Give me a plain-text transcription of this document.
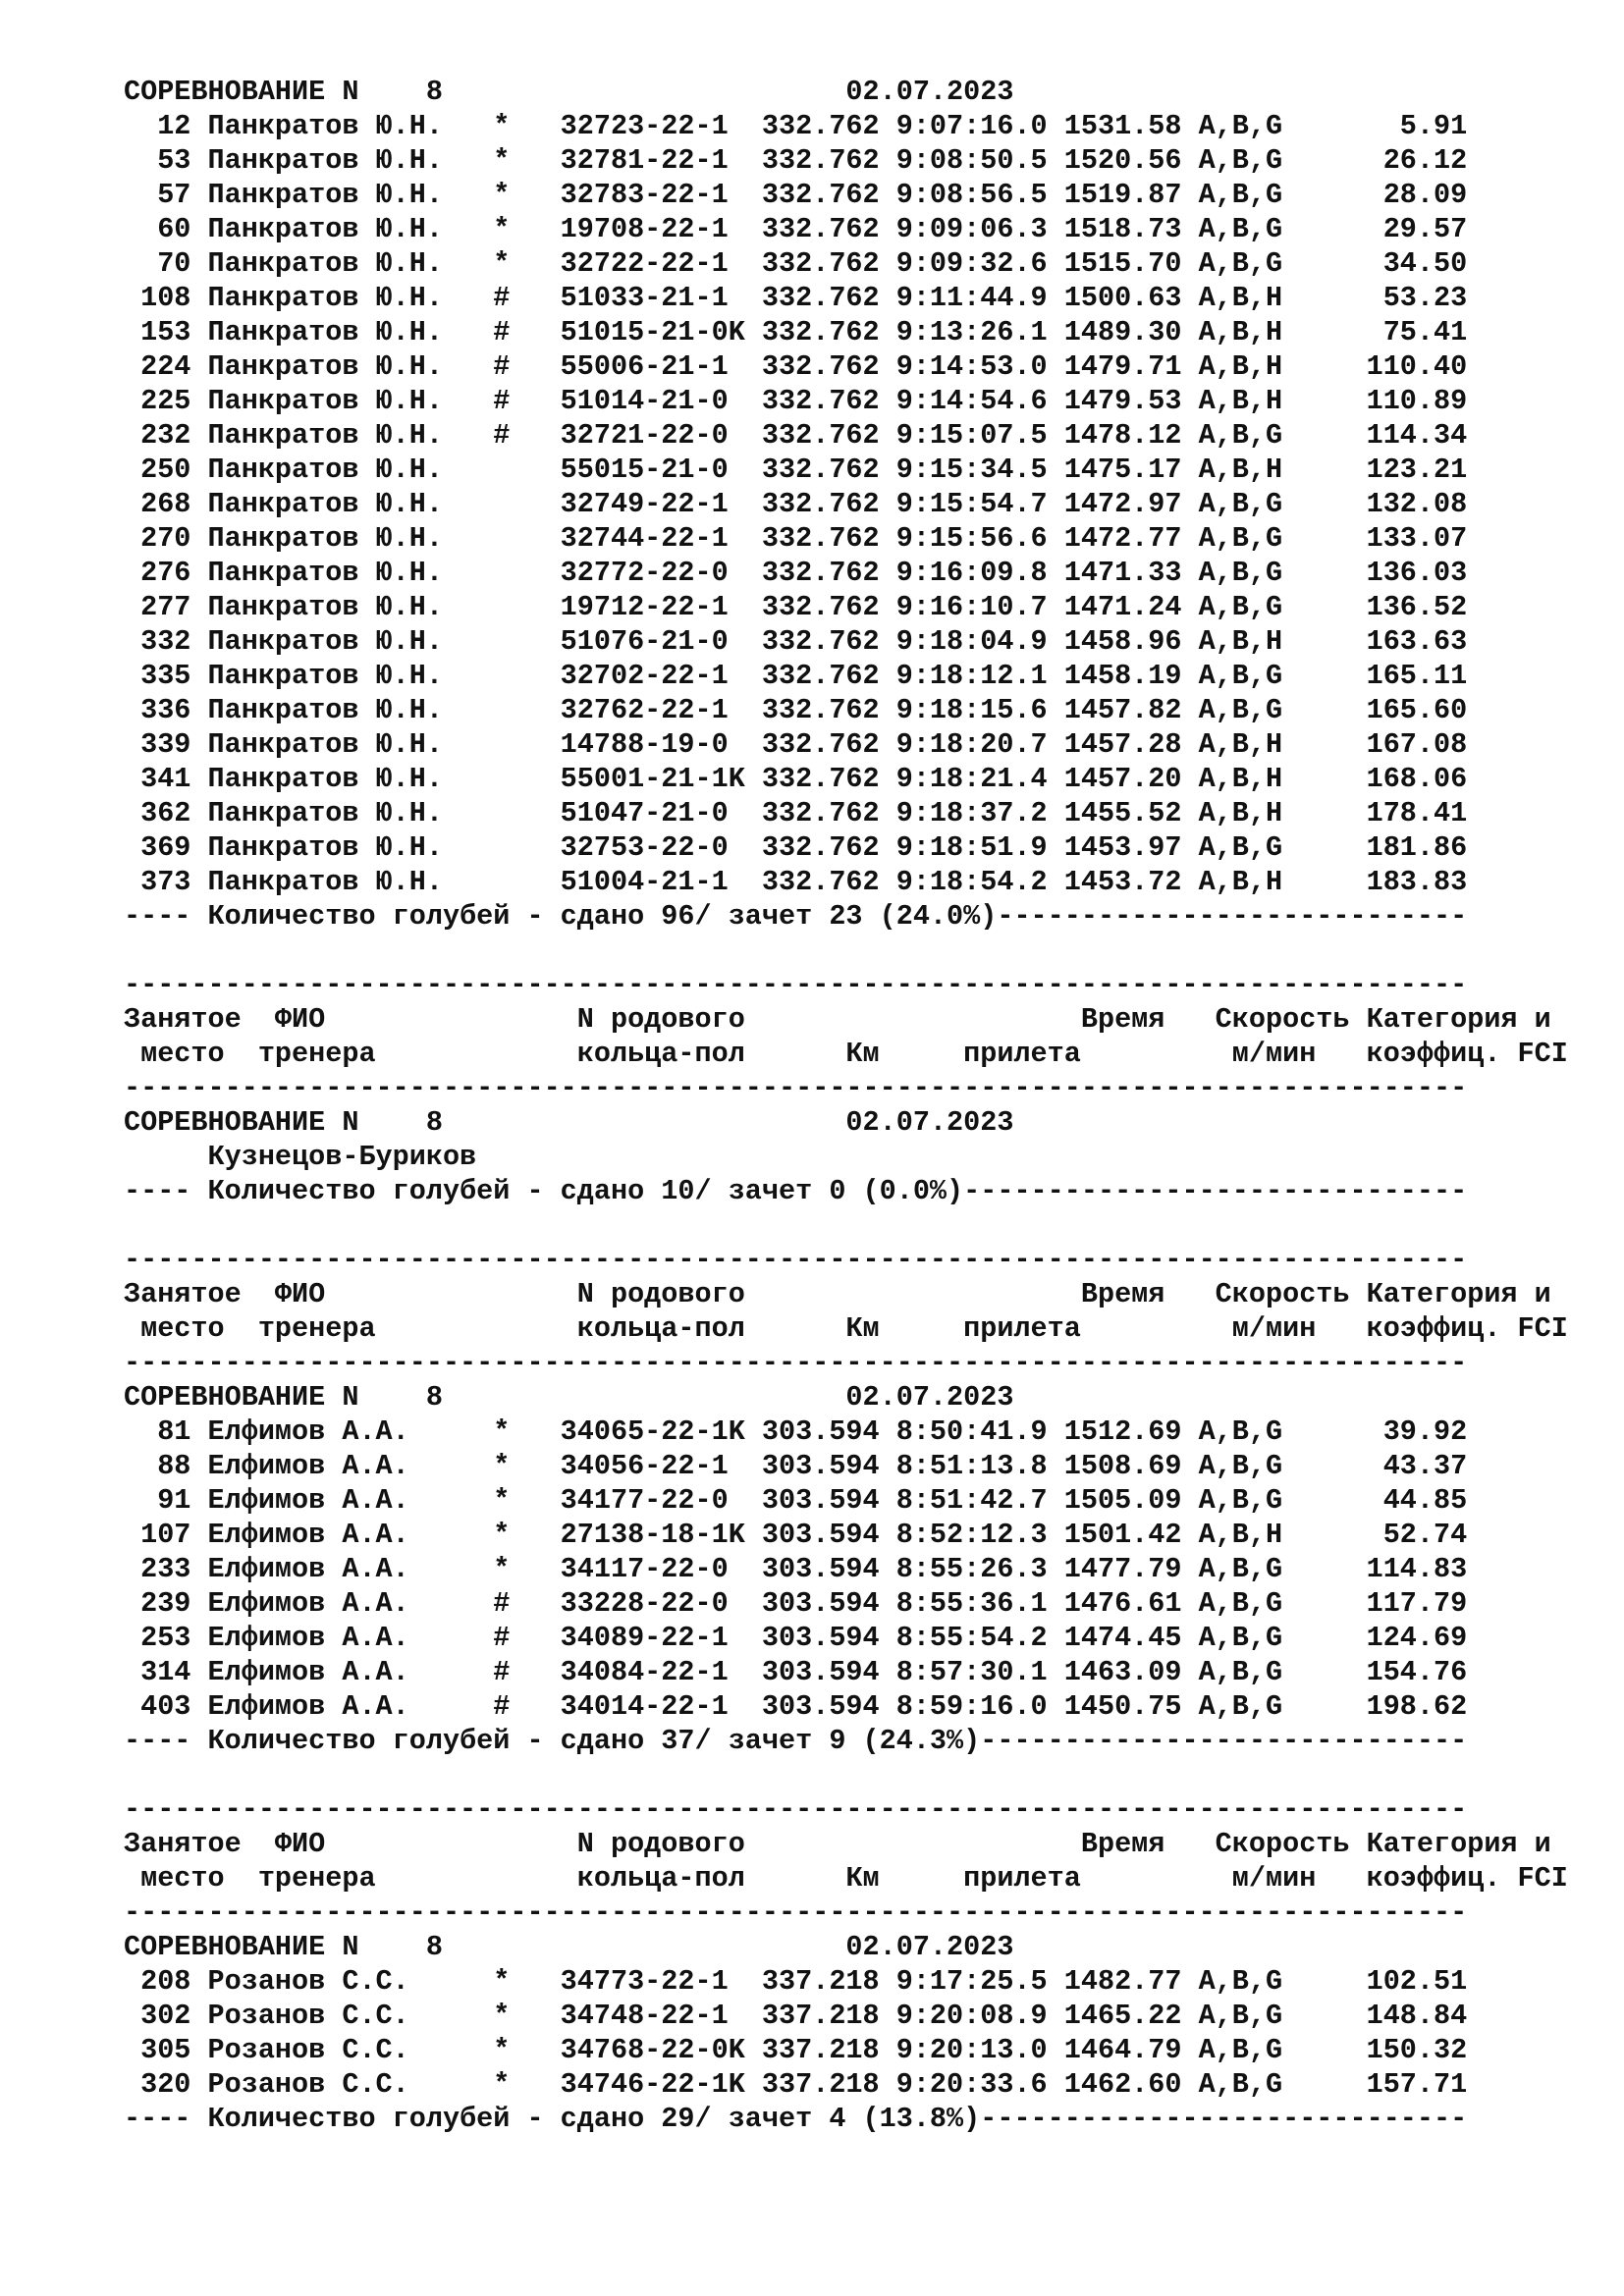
СОРЕВНОВАНИЕ N    8                        02.07.2023
12 Панкратов Ю.Н.   *   32723-22-1  332.762 9:07:16.0 1531.58 A,B,G       5.91
53 Панкратов Ю.Н.   *   32781-22-1  332.762 9:08:50.5 1520.56 A,B,G      26.12
57 Панкратов Ю.Н.   *   32783-22-1  332.762 9:08:56.5 1519.87 A,B,G      28.09
60 Панкратов Ю.Н.   *   19708-22-1  332.762 9:09:06.3 1518.73 A,B,G      29.57
70 Панкратов Ю.Н.   *   32722-22-1  332.762 9:09:32.6 1515.70 A,B,G      34.50
108 Панкратов Ю.Н.   #   51033-21-1  332.762 9:11:44.9 1500.63 A,B,H      53.23
153 Панкратов Ю.Н.   #   51015-21-0K 332.762 9:13:26.1 1489.30 A,B,H      75.41
224 Панкратов Ю.Н.   #   55006-21-1  332.762 9:14:53.0 1479.71 A,B,H     110.40
225 Панкратов Ю.Н.   #   51014-21-0  332.762 9:14:54.6 1479.53 A,B,H     110.89
232 Панкратов Ю.Н.   #   32721-22-0  332.762 9:15:07.5 1478.12 A,B,G     114.34
250 Панкратов Ю.Н.       55015-21-0  332.762 9:15:34.5 1475.17 A,B,H     123.21
268 Панкратов Ю.Н.       32749-22-1  332.762 9:15:54.7 1472.97 A,B,G     132.08
270 Панкратов Ю.Н.       32744-22-1  332.762 9:15:56.6 1472.77 A,B,G     133.07
276 Панкратов Ю.Н.       32772-22-0  332.762 9:16:09.8 1471.33 A,B,G     136.03
277 Панкратов Ю.Н.       19712-22-1  332.762 9:16:10.7 1471.24 A,B,G     136.52
332 Панкратов Ю.Н.       51076-21-0  332.762 9:18:04.9 1458.96 A,B,H     163.63
335 Панкратов Ю.Н.       32702-22-1  332.762 9:18:12.1 1458.19 A,B,G     165.11
336 Панкратов Ю.Н.       32762-22-1  332.762 9:18:15.6 1457.82 A,B,G     165.60
339 Панкратов Ю.Н.       14788-19-0  332.762 9:18:20.7 1457.28 A,B,H     167.08
341 Панкратов Ю.Н.       55001-21-1K 332.762 9:18:21.4 1457.20 A,B,H     168.06
362 Панкратов Ю.Н.       51047-21-0  332.762 9:18:37.2 1455.52 A,B,H     178.41
369 Панкратов Ю.Н.       32753-22-0  332.762 9:18:51.9 1453.97 A,B,G     181.86
373 Панкратов Ю.Н.       51004-21-1  332.762 9:18:54.2 1453.72 A,B,H     183.83
---- Количество голубей - сдано 96/ зачет 23 (24.0%)----------------------------
--------------------------------------------------------------------------------
Занятое  ФИО               N родового                    Время   Скорость Категория и
место  тренера            кольца-пол      Км     прилета         м/мин   коэффиц. FCI
--------------------------------------------------------------------------------
СОРЕВНОВАНИЕ N    8                        02.07.2023
Кузнецов-Буриков
---- Количество голубей - сдано 10/ зачет 0 (0.0%)------------------------------
--------------------------------------------------------------------------------
Занятое  ФИО               N родового                    Время   Скорость Категория и
место  тренера            кольца-пол      Км     прилета         м/мин   коэффиц. FCI
--------------------------------------------------------------------------------
СОРЕВНОВАНИЕ N    8                        02.07.2023
81 Елфимов А.А.     *   34065-22-1K 303.594 8:50:41.9 1512.69 A,B,G      39.92
88 Елфимов А.А.     *   34056-22-1  303.594 8:51:13.8 1508.69 A,B,G      43.37
91 Елфимов А.А.     *   34177-22-0  303.594 8:51:42.7 1505.09 A,B,G      44.85
107 Елфимов А.А.     *   27138-18-1K 303.594 8:52:12.3 1501.42 A,B,H      52.74
233 Елфимов А.А.     *   34117-22-0  303.594 8:55:26.3 1477.79 A,B,G     114.83
239 Елфимов А.А.     #   33228-22-0  303.594 8:55:36.1 1476.61 A,B,G     117.79
253 Елфимов А.А.     #   34089-22-1  303.594 8:55:54.2 1474.45 A,B,G     124.69
314 Елфимов А.А.     #   34084-22-1  303.594 8:57:30.1 1463.09 A,B,G     154.76
403 Елфимов А.А.     #   34014-22-1  303.594 8:59:16.0 1450.75 A,B,G     198.62
---- Количество голубей - сдано 37/ зачет 9 (24.3%)-----------------------------
--------------------------------------------------------------------------------
Занятое  ФИО               N родового                    Время   Скорость Категория и
место  тренера            кольца-пол      Км     прилета         м/мин   коэффиц. FCI
--------------------------------------------------------------------------------
СОРЕВНОВАНИЕ N    8                        02.07.2023
208 Розанов С.С.     *   34773-22-1  337.218 9:17:25.5 1482.77 A,B,G     102.51
302 Розанов С.С.     *   34748-22-1  337.218 9:20:08.9 1465.22 A,B,G     148.84
305 Розанов С.С.     *   34768-22-0K 337.218 9:20:13.0 1464.79 A,B,G     150.32
320 Розанов С.С.     *   34746-22-1K 337.218 9:20:33.6 1462.60 A,B,G     157.71
---- Количество голубей - сдано 29/ зачет 4 (13.8%)-----------------------------
